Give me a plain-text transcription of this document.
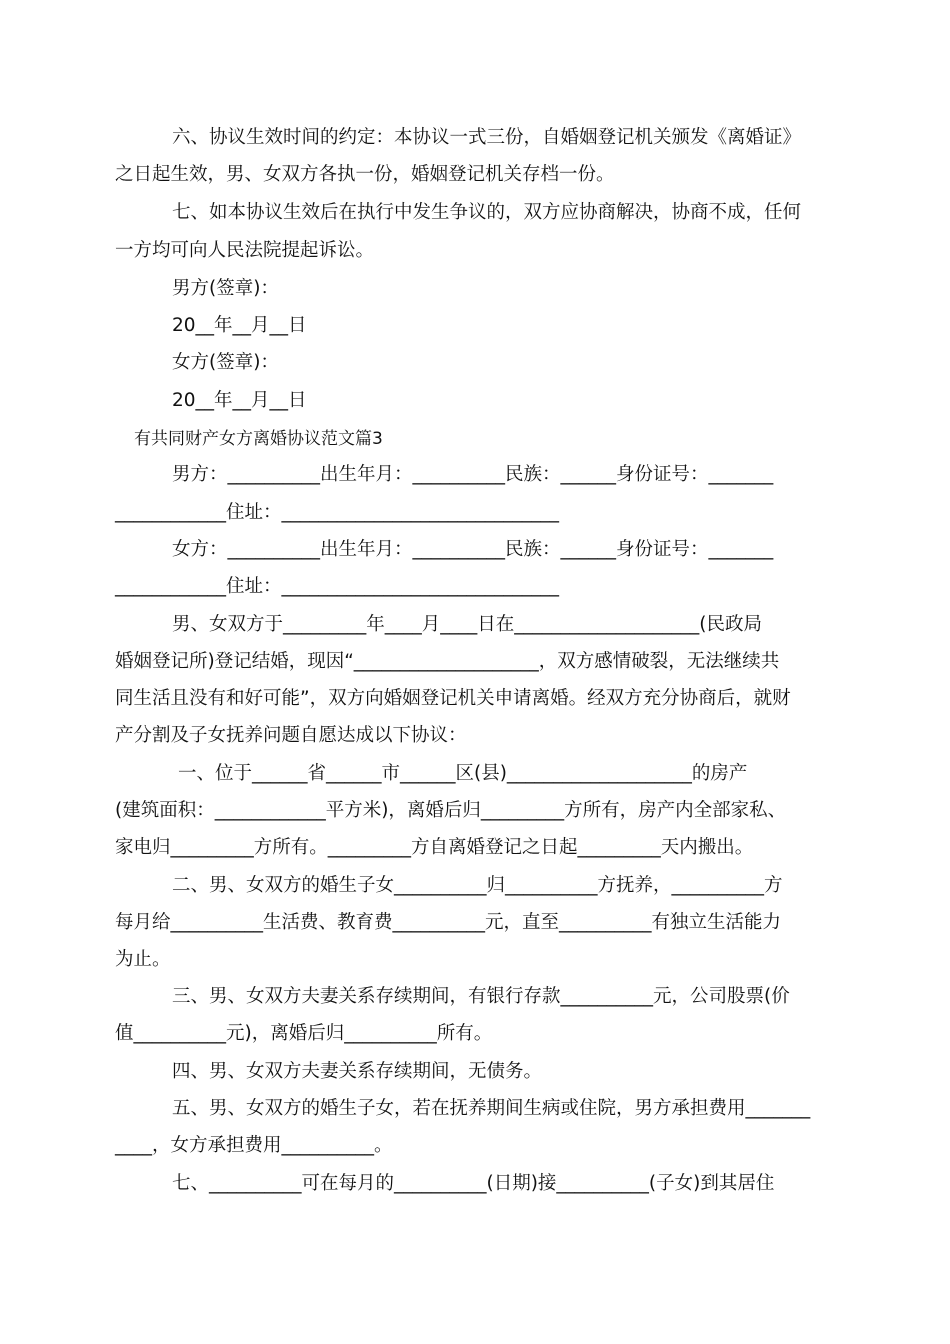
六、协议生效时间的约定：本协议一式三份，自婚姻登记机关颁发《离婚证》

之日起生效，男、女双方各执一份，婚姻登记机关存档一份。

七、如本协议生效后在执行中发生争议的，双方应协商解决，协商不成，任何

一方均可向人民法院提起诉讼。

男方(签章)：

20__年__月__日

女方(签章)：

20__年__月__日

有共同财产女方离婚协议范文篇3

男方：__________出生年月：__________民族：______身份证号：_______

____________住址：______________________________

女方：__________出生年月：__________民族：______身份证号：_______

____________住址：______________________________

男、女双方于_________年____月____日在____________________(民政局

婚姻登记所)登记结婚，现因“____________________，双方感情破裂，无法继续共

同生活且没有和好可能”，双方向婚姻登记机关申请离婚。经双方充分协商后，就财

产分割及子女抚养问题自愿达成以下协议：

一、位于______省______市______区(县)____________________的房产

(建筑面积：____________平方米)，离婚后归_________方所有，房产内全部家私、

家电归_________方所有。_________方自离婚登记之日起_________天内搬出。

二、男、女双方的婚生子女__________归__________方抚养，__________方

每月给__________生活费、教育费__________元，直至__________有独立生活能力

为止。

三、男、女双方夫妻关系存续期间，有银行存款__________元，公司股票(价

值__________元)，离婚后归__________所有。

四、男、女双方夫妻关系存续期间，无债务。

五、男、女双方的婚生子女，若在抚养期间生病或住院，男方承担费用_______

____，女方承担费用__________。

七、__________可在每月的__________(日期)接__________(子女)到其居住
